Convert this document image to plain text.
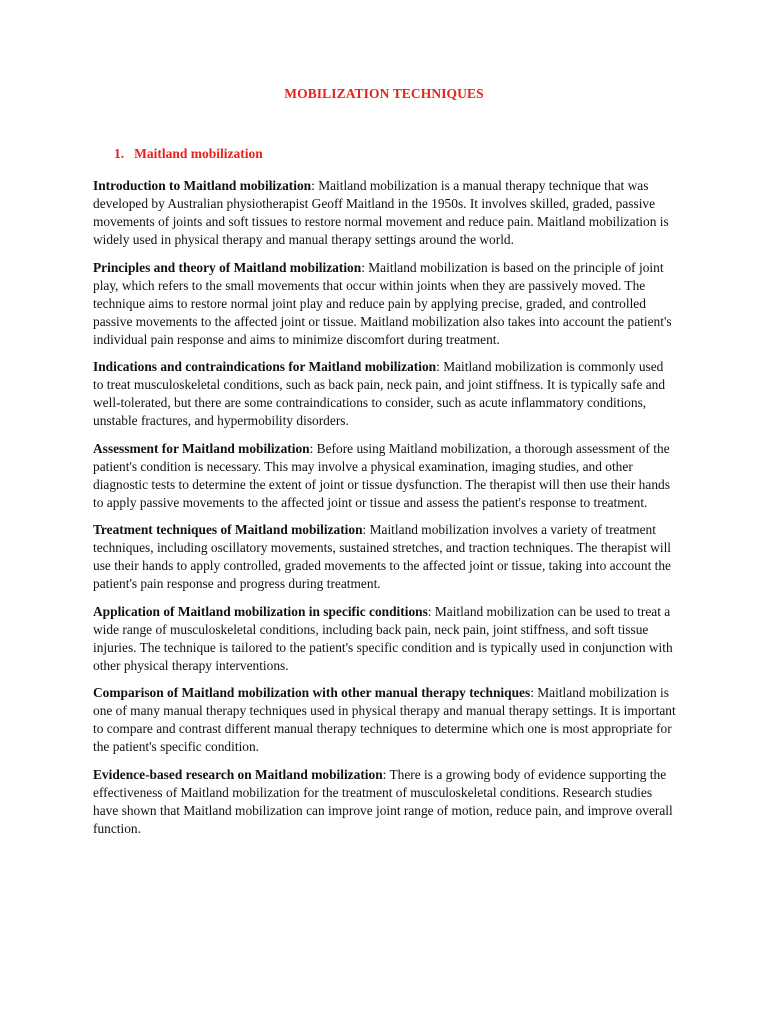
MOBILIZATION TECHNIQUES
1. Maitland mobilization

Introduction to Maitland mobilization: Maitland mobilization is a manual therapy technique that was developed by Australian physiotherapist Geoff Maitland in the 1950s. It involves skilled, graded, passive movements of joints and soft tissues to restore normal movement and reduce pain. Maitland mobilization is widely used in physical therapy and manual therapy settings around the world.

Principles and theory of Maitland mobilization: Maitland mobilization is based on the principle of joint play, which refers to the small movements that occur within joints when they are passively moved. The technique aims to restore normal joint play and reduce pain by applying precise, graded, and controlled passive movements to the affected joint or tissue. Maitland mobilization also takes into account the patient's individual pain response and aims to minimize discomfort during treatment.

Indications and contraindications for Maitland mobilization: Maitland mobilization is commonly used to treat musculoskeletal conditions, such as back pain, neck pain, and joint stiffness. It is typically safe and well-tolerated, but there are some contraindications to consider, such as acute inflammatory conditions, unstable fractures, and hypermobility disorders.

Assessment for Maitland mobilization: Before using Maitland mobilization, a thorough assessment of the patient's condition is necessary. This may involve a physical examination, imaging studies, and other diagnostic tests to determine the extent of joint or tissue dysfunction. The therapist will then use their hands to apply passive movements to the affected joint or tissue and assess the patient's response to treatment.

Treatment techniques of Maitland mobilization: Maitland mobilization involves a variety of treatment techniques, including oscillatory movements, sustained stretches, and traction techniques. The therapist will use their hands to apply controlled, graded movements to the affected joint or tissue, taking into account the patient's pain response and progress during treatment.

Application of Maitland mobilization in specific conditions: Maitland mobilization can be used to treat a wide range of musculoskeletal conditions, including back pain, neck pain, joint stiffness, and soft tissue injuries. The technique is tailored to the patient's specific condition and is typically used in conjunction with other physical therapy interventions.

Comparison of Maitland mobilization with other manual therapy techniques: Maitland mobilization is one of many manual therapy techniques used in physical therapy and manual therapy settings. It is important to compare and contrast different manual therapy techniques to determine which one is most appropriate for the patient's specific condition.

Evidence-based research on Maitland mobilization: There is a growing body of evidence supporting the effectiveness of Maitland mobilization for the treatment of musculoskeletal conditions. Research studies have shown that Maitland mobilization can improve joint range of motion, reduce pain, and improve overall function.
